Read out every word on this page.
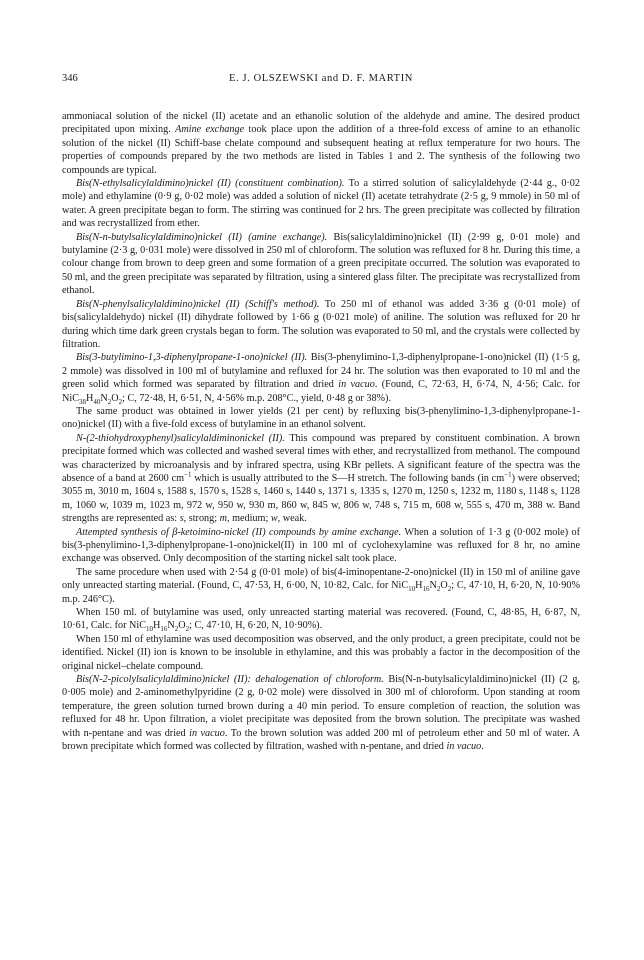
346	E. J. OLSZEWSKI and D. F. MARTIN

ammoniacal solution of the nickel (II) acetate and an ethanolic solution of the aldehyde and amine. The desired product precipitated upon mixing. Amine exchange took place upon the addition of a three-fold excess of amine to an ethanolic solution of the nickel (II) Schiff-base chelate compound and subsequent heating at reflux temperature for two hours. The properties of compounds prepared by the two methods are listed in Tables 1 and 2. The synthesis of the following two compounds are typical.

Bis(N-ethylsalicylaldimino)nickel (II) (constituent combination). To a stirred solution of salicylaldehyde (2·44 g., 0·02 mole) and ethylamine (0·9 g, 0·02 mole) was added a solution of nickel (II) acetate tetrahydrate (2·5 g, 9 mmole) in 50 ml of water. A green precipitate began to form. The stirring was continued for 2 hrs. The green precipitate was collected by filtration and was recrystallized from ether.

Bis(N-n-butylsalicylaldimino)nickel (II) (amine exchange). Bis(salicylaldimino)nickel (II) (2·99 g, 0·01 mole) and butylamine (2·3 g, 0·031 mole) were dissolved in 250 ml of chloroform. The solution was refluxed for 8 hr. During this time, a colour change from brown to deep green and some formation of a green precipitate occurred. The solution was evaporated to 50 ml, and the green precipitate was separated by filtration, using a sintered glass filter. The precipitate was recrystallized from ethanol.

Bis(N-phenylsalicylaldimino)nickel (II) (Schiff's method). To 250 ml of ethanol was added 3·36 g (0·01 mole) of bis(salicylaldehydo) nickel (II) dihydrate followed by 1·66 g (0·021 mole) of aniline. The solution was refluxed for 20 hr during which time dark green crystals began to form. The solution was evaporated to 50 ml, and the crystals were collected by filtration.

Bis(3-butylimino-1,3-diphenylpropane-1-ono)nickel (II). Bis(3-phenylimino-1,3-diphenylpropane-1-ono)nickel (II) (1·5 g, 2 mmole) was dissolved in 100 ml of butylamine and refluxed for 24 hr. The solution was then evaporated to 10 ml and the green solid which formed was separated by filtration and dried in vacuo. (Found, C, 72·63, H, 6·74, N, 4·56; Calc. for $NiC_{38}H_{40}N_2O_2$; C, 72·48, H, 6·51, N, 4·56% m.p. 208°C., yield, 0·48 g or 38%).

The same product was obtained in lower yields (21 per cent) by refluxing bis(3-phenylimino-1,3-diphenylpropane-1-ono)nickel (II) with a five-fold excess of butylamine in an ethanol solvent.

N-(2-thiohydroxyphenyl)salicylaldiminonickel (II). This compound was prepared by constituent combination. A brown precipitate formed which was collected and washed several times with ether, and recrystallized from methanol. The compound was characterized by microanalysis and by infrared spectra, using KBr pellets. A significant feature of the spectra was the absence of a band at 2600 $cm^{-1}$ which is usually attributed to the S—H stretch. The following bands (in $cm^{-1}$) were observed; 3055 m, 3010 m, 1604 s, 1588 s, 1570 s, 1528 s, 1460 s, 1440 s, 1371 s, 1335 s, 1270 m, 1250 s, 1232 m, 1180 s, 1148 s, 1128 m, 1060 w, 1039 m, 1023 m, 972 w, 950 w, 930 m, 860 w, 845 w, 806 w, 748 s, 715 m, 608 w, 555 s, 470 m, 388 w. Band strengths are represented as: s, strong; m, medium; w, weak.

Attempted synthesis of β-ketoimino-nickel (II) compounds by amine exchange. When a solution of 1·3 g (0·002 mole) of bis(3-phenylimino-1,3-diphenylpropane-1-ono)nickel(II) in 100 ml of cyclohexylamine was refluxed for 8 hr, no amine exchange was observed. Only decomposition of the starting nickel salt took place.

The same procedure when used with 2·54 g (0·01 mole) of bis(4-iminopentane-2-ono)nickel (II) in 150 ml of aniline gave only unreacted starting material. (Found, C, 47·53, H, 6·00, N, 10·82, Calc. for $NiC_{10}H_{16}N_2O_2$; C, 47·10, H, 6·20, N, 10·90% m.p. 246°C).

When 150 ml. of butylamine was used, only unreacted starting material was recovered. (Found, C, 48·85, H, 6·87, N, 10·61, Calc. for $NiC_{10}H_{16}N_2O_2$; C, 47·10, H, 6·20, N, 10·90%).

When 150 ml of ethylamine was used decomposition was observed, and the only product, a green precipitate, could not be identified. Nickel (II) ion is known to be insoluble in ethylamine, and this was probably a factor in the decomposition of the original nickel–chelate compound.

Bis(N-2-picolylsalicylaldimino)nickel (II): dehalogenation of chloroform. Bis(N-n-butylsalicylaldimino)nickel (II) (2 g, 0·005 mole) and 2-aminomethylpyridine (2 g, 0·02 mole) were dissolved in 300 ml of chloroform. Upon standing at room temperature, the green solution turned brown during a 40 min period. To ensure completion of reaction, the solution was refluxed for 48 hr. Upon filtration, a violet precipitate was deposited from the brown solution. The precipitate was washed with n-pentane and was dried in vacuo. To the brown solution was added 200 ml of petroleum ether and 50 ml of water. A brown precipitate which formed was collected by filtration, washed with n-pentane, and dried in vacuo.
